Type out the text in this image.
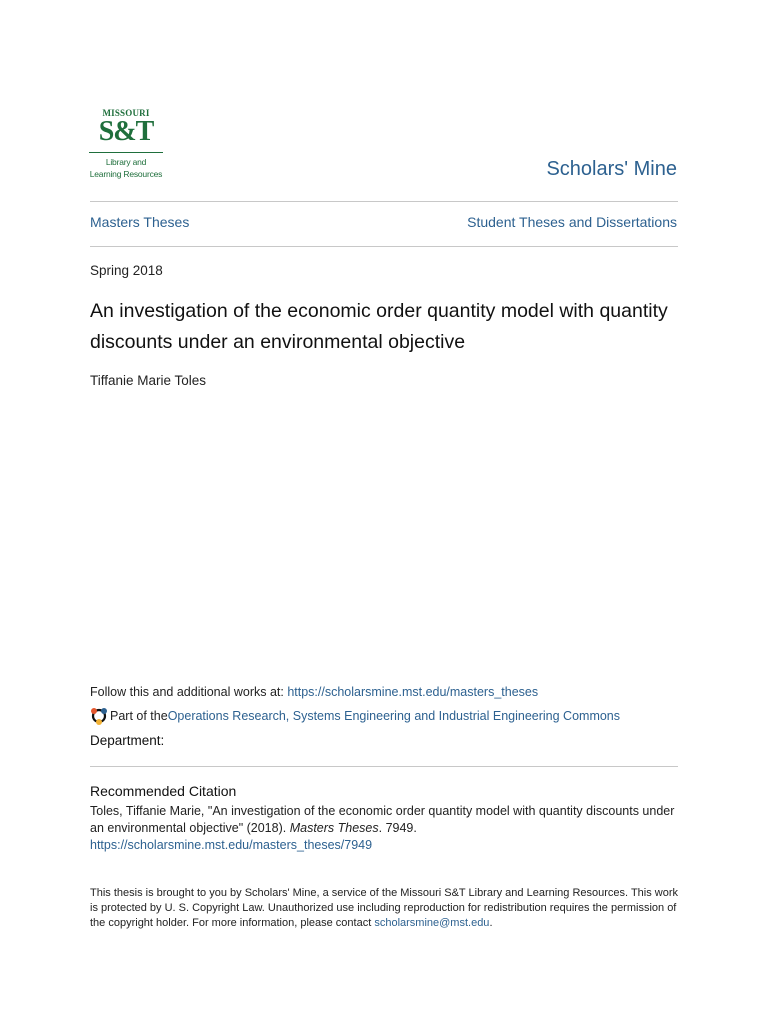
MISSOURI
S&T
Library and
Learning Resources	Scholars' Mine
Masters Theses	Student Theses and Dissertations
Spring 2018
An investigation of the economic order quantity model with quantity discounts under an environmental objective
Tiffanie Marie Toles
Follow this and additional works at: https://scholarsmine.mst.edu/masters_theses
Part of the Operations Research, Systems Engineering and Industrial Engineering Commons
Department:
Recommended Citation
Toles, Tiffanie Marie, "An investigation of the economic order quantity model with quantity discounts under an environmental objective" (2018). Masters Theses. 7949.
https://scholarsmine.mst.edu/masters_theses/7949
This thesis is brought to you by Scholars' Mine, a service of the Missouri S&T Library and Learning Resources. This work is protected by U. S. Copyright Law. Unauthorized use including reproduction for redistribution requires the permission of the copyright holder. For more information, please contact scholarsmine@mst.edu.
